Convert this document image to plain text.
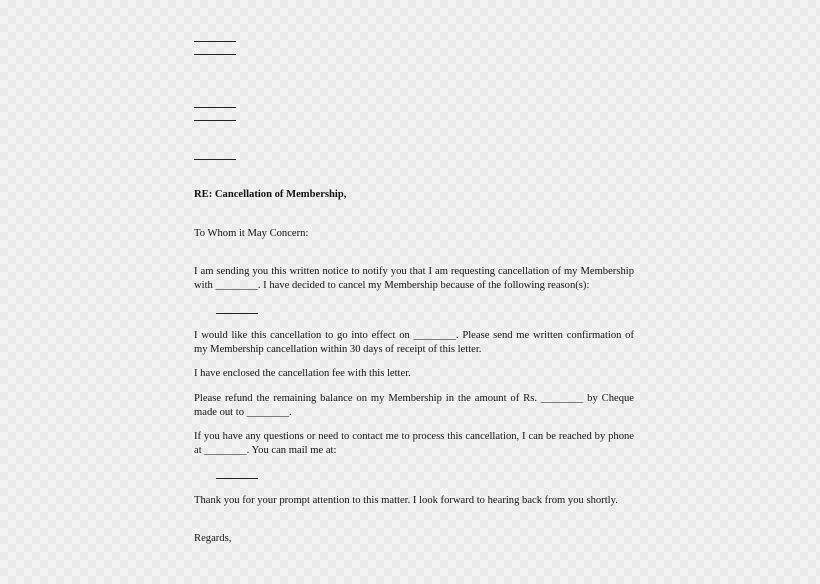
RE: Cancellation of Membership,
To Whom it May Concern:
I am sending you this written notice to notify you that I am requesting cancellation of my Membership
with ________. I have decided to cancel my Membership because of the following reason(s):
I would like this cancellation to go into effect on ________. Please send me written confirmation of
my Membership cancellation within 30 days of receipt of this letter.
I have enclosed the cancellation fee with this letter.
Please refund the remaining balance on my Membership in the amount of Rs. ________ by Cheque
made out to ________.
If you have any questions or need to contact me to process this cancellation, I can be reached by phone
at ________. You can mail me at:
Thank you for your prompt attention to this matter. I look forward to hearing back from you shortly.
Regards,
